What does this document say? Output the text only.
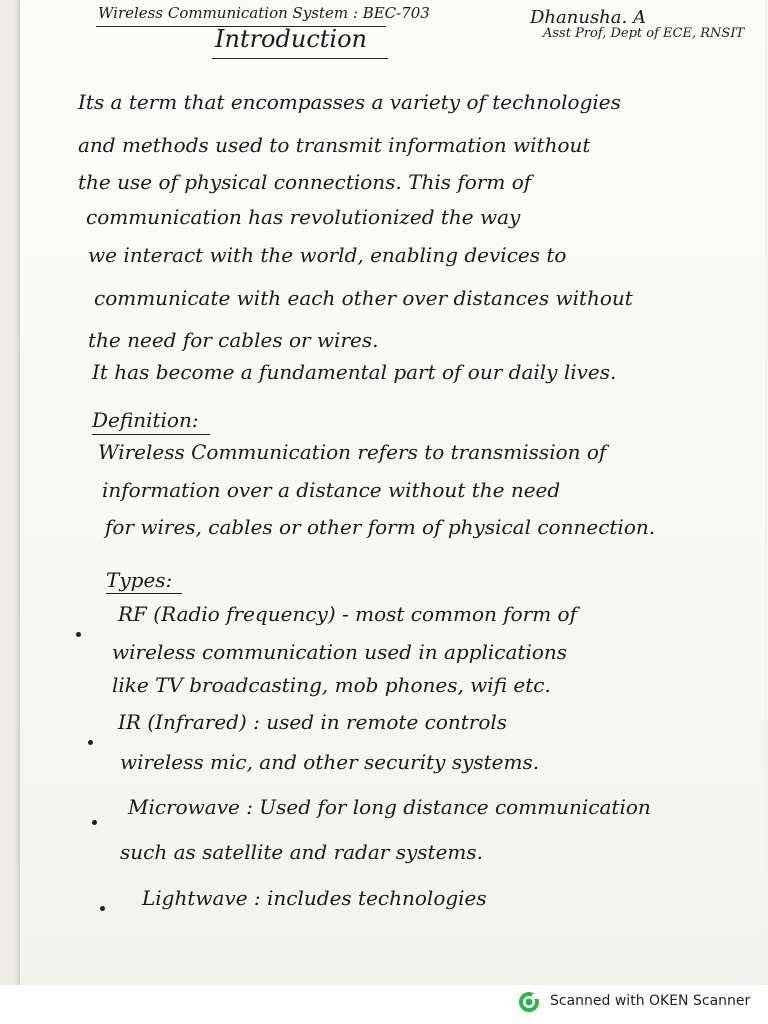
Wireless Communication System : BEC-703
Introduction
Dhanusha. A
Asst Prof, Dept of ECE, RNSIT
Its a term that encompasses a variety of technologies
and methods used to transmit information without
the use of physical connections. This form of
communication has revolutionized the way
we interact with the world, enabling devices to
communicate with each other over distances without
the need for cables or wires.
It has become a fundamental part of our daily lives.
Definition:
Wireless Communication refers to transmission of
information over a distance without the need
for wires, cables or other form of physical connection.
Types:
RF (Radio frequency) - most common form of
wireless communication used in applications
like TV broadcasting, mob phones, wifi etc.
IR (Infrared) : used in remote controls
wireless mic, and other security systems.
Microwave : Used for long distance communication
such as satellite and radar systems.
Lightwave : includes technologies
Scanned with OKEN Scanner
